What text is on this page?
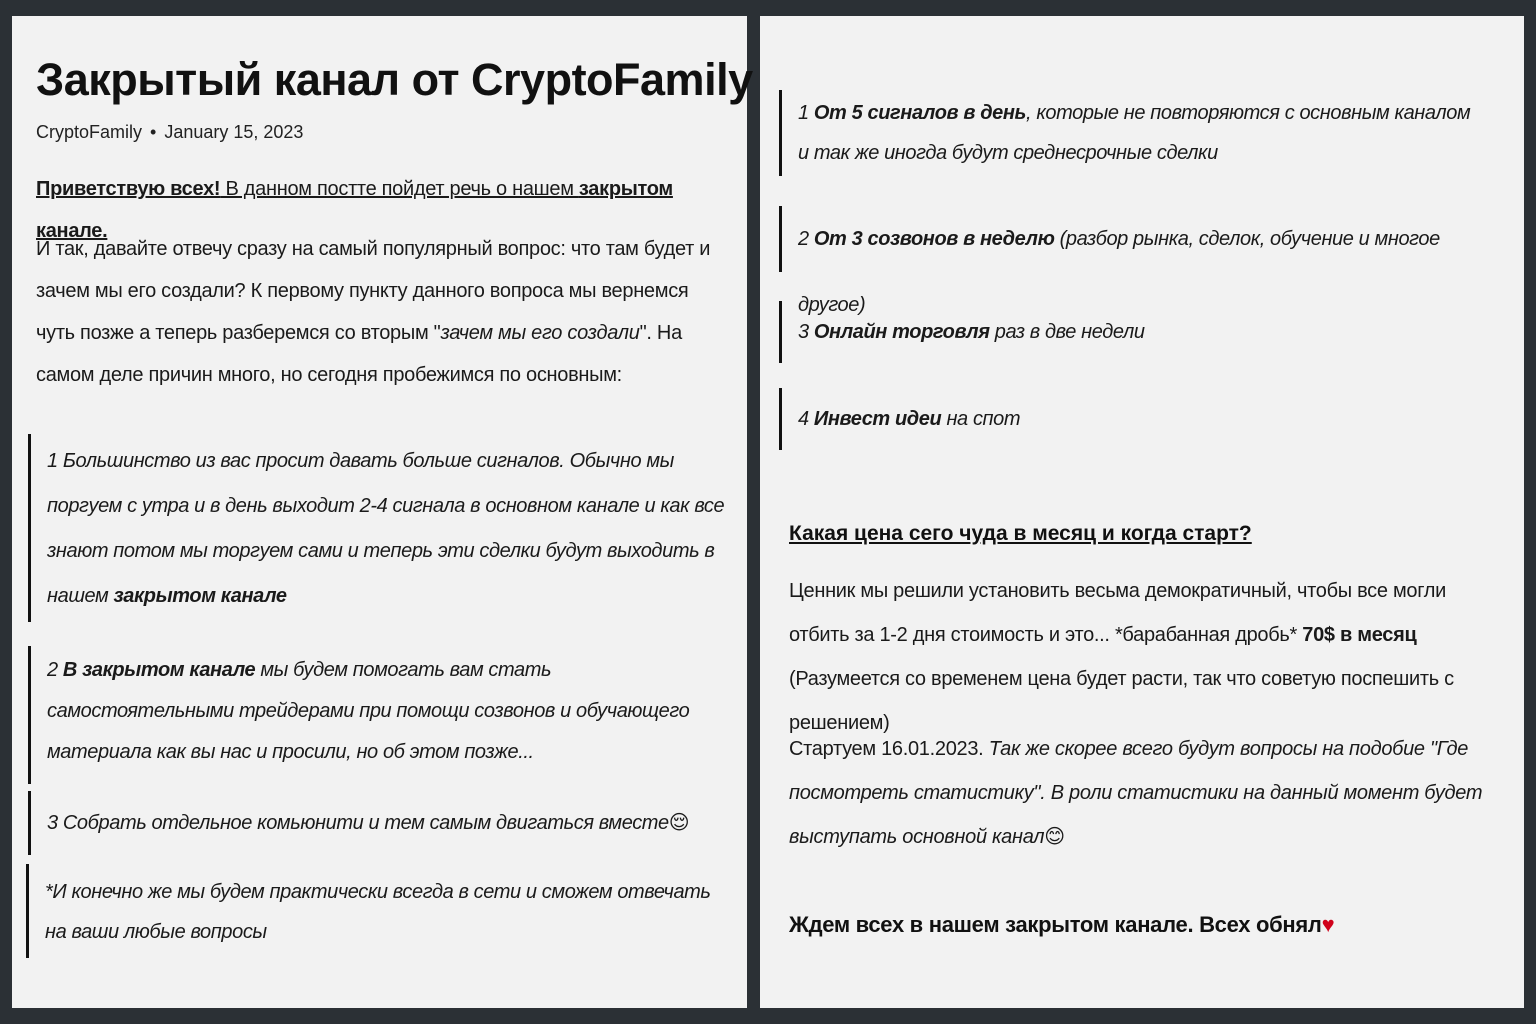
Закрытый канал от CryptoFamily
CryptoFamily • January 15, 2023
Приветствую всех! В данном постте пойдет речь о нашем закрытом канале.
И так, давайте отвечу сразу на самый популярный вопрос: что там будет и зачем мы его создали? К первому пункту данного вопроса мы вернемся чуть позже а теперь разберемся со вторым "зачем мы его создали". На самом деле причин много, но сегодня пробежимся по основным:
1 Большинство из вас просит давать больше сигналов. Обычно мы поргуем с утра и в день выходит 2-4 сигнала в основном канале и как все знают потом мы торгуем сами и теперь эти сделки будут выходить в нашем закрытом канале
2 В закрытом канале мы будем помогать вам стать самостоятельными трейдерами при помощи созвонов и обучающего материала как вы нас и просили, но об этом позже...
3 Собрать отдельное комьюнити и тем самым двигаться вместе😌
*И конечно же мы будем практически всегда в сети и сможем отвечать на ваши любые вопросы
1 От 5 сигналов в день, которые не повторяются с основным каналом и так же иногда будут среднесрочные сделки
2 От 3 созвонов в неделю (разбор рынка, сделок, обучение и многое другое)
3 Онлайн торговля раз в две недели
4 Инвест идеи на спот
Какая цена сего чуда в месяц и когда старт?
Ценник мы решили установить весьма демократичный, чтобы все могли отбить за 1-2 дня стоимость и это... *барабанная дробь* 70$ в месяц (Разумеется со временем цена будет расти, так что советую поспешить с решением)
Стартуем 16.01.2023. Так же скорее всего будут вопросы на подобие "Где посмотреть статистику". В роли статистики на данный момент будет выступать основной канал😊
Ждем всех в нашем закрытом канале. Всех обнял♥
